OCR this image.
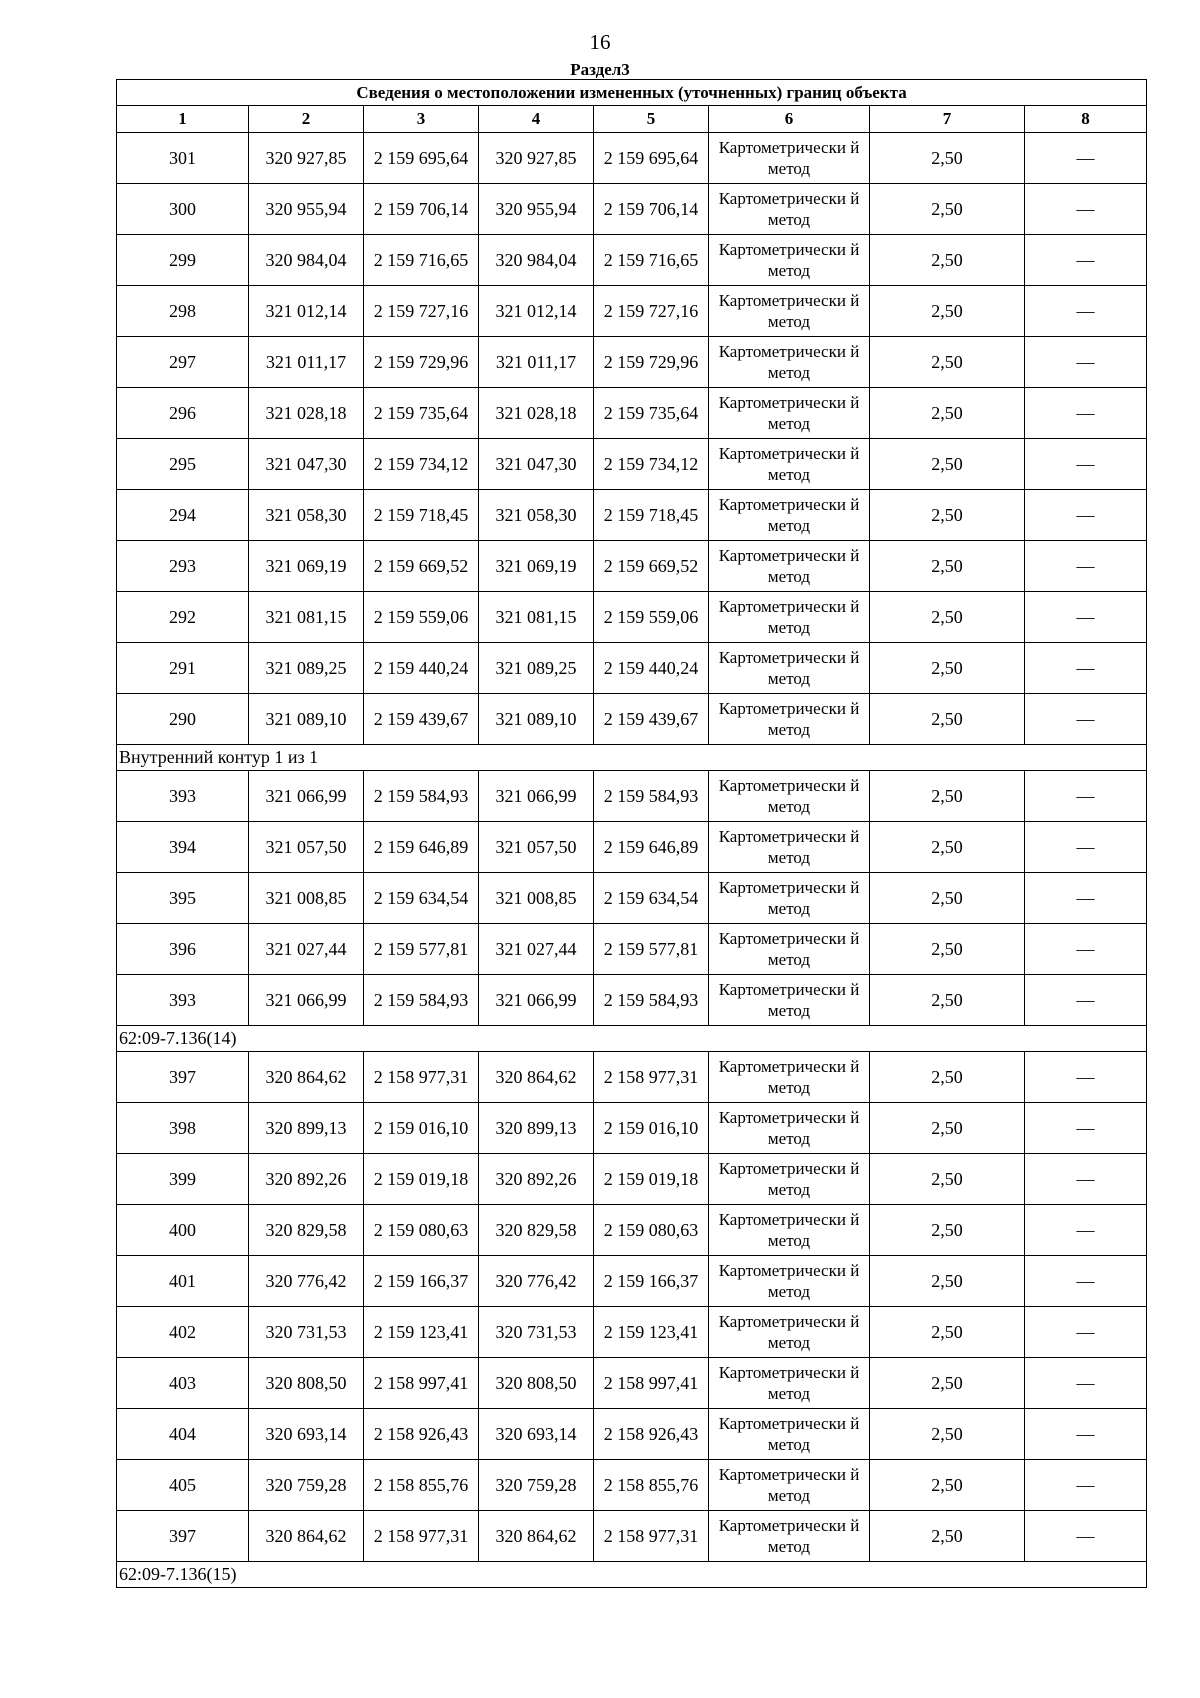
16
Раздел3
Сведения о местоположении измененных (уточненных) границ объекта							
1	2	3	4	5	6	7	8
301	320 927,85	2 159 695,64	320 927,85	2 159 695,64	Картометрически й метод	2,50	—
300	320 955,94	2 159 706,14	320 955,94	2 159 706,14	Картометрически й метод	2,50	—
299	320 984,04	2 159 716,65	320 984,04	2 159 716,65	Картометрически й метод	2,50	—
298	321 012,14	2 159 727,16	321 012,14	2 159 727,16	Картометрически й метод	2,50	—
297	321 011,17	2 159 729,96	321 011,17	2 159 729,96	Картометрически й метод	2,50	—
296	321 028,18	2 159 735,64	321 028,18	2 159 735,64	Картометрически й метод	2,50	—
295	321 047,30	2 159 734,12	321 047,30	2 159 734,12	Картометрически й метод	2,50	—
294	321 058,30	2 159 718,45	321 058,30	2 159 718,45	Картометрически й метод	2,50	—
293	321 069,19	2 159 669,52	321 069,19	2 159 669,52	Картометрически й метод	2,50	—
292	321 081,15	2 159 559,06	321 081,15	2 159 559,06	Картометрически й метод	2,50	—
291	321 089,25	2 159 440,24	321 089,25	2 159 440,24	Картометрически й метод	2,50	—
290	321 089,10	2 159 439,67	321 089,10	2 159 439,67	Картометрически й метод	2,50	—
Внутренний контур 1 из 1							
393	321 066,99	2 159 584,93	321 066,99	2 159 584,93	Картометрически й метод	2,50	—
394	321 057,50	2 159 646,89	321 057,50	2 159 646,89	Картометрически й метод	2,50	—
395	321 008,85	2 159 634,54	321 008,85	2 159 634,54	Картометрически й метод	2,50	—
396	321 027,44	2 159 577,81	321 027,44	2 159 577,81	Картометрически й метод	2,50	—
393	321 066,99	2 159 584,93	321 066,99	2 159 584,93	Картометрически й метод	2,50	—
62:09-7.136(14)							
397	320 864,62	2 158 977,31	320 864,62	2 158 977,31	Картометрически й метод	2,50	—
398	320 899,13	2 159 016,10	320 899,13	2 159 016,10	Картометрически й метод	2,50	—
399	320 892,26	2 159 019,18	320 892,26	2 159 019,18	Картометрически й метод	2,50	—
400	320 829,58	2 159 080,63	320 829,58	2 159 080,63	Картометрически й метод	2,50	—
401	320 776,42	2 159 166,37	320 776,42	2 159 166,37	Картометрически й метод	2,50	—
402	320 731,53	2 159 123,41	320 731,53	2 159 123,41	Картометрически й метод	2,50	—
403	320 808,50	2 158 997,41	320 808,50	2 158 997,41	Картометрически й метод	2,50	—
404	320 693,14	2 158 926,43	320 693,14	2 158 926,43	Картометрически й метод	2,50	—
405	320 759,28	2 158 855,76	320 759,28	2 158 855,76	Картометрически й метод	2,50	—
397	320 864,62	2 158 977,31	320 864,62	2 158 977,31	Картометрически й метод	2,50	—
62:09-7.136(15)							
